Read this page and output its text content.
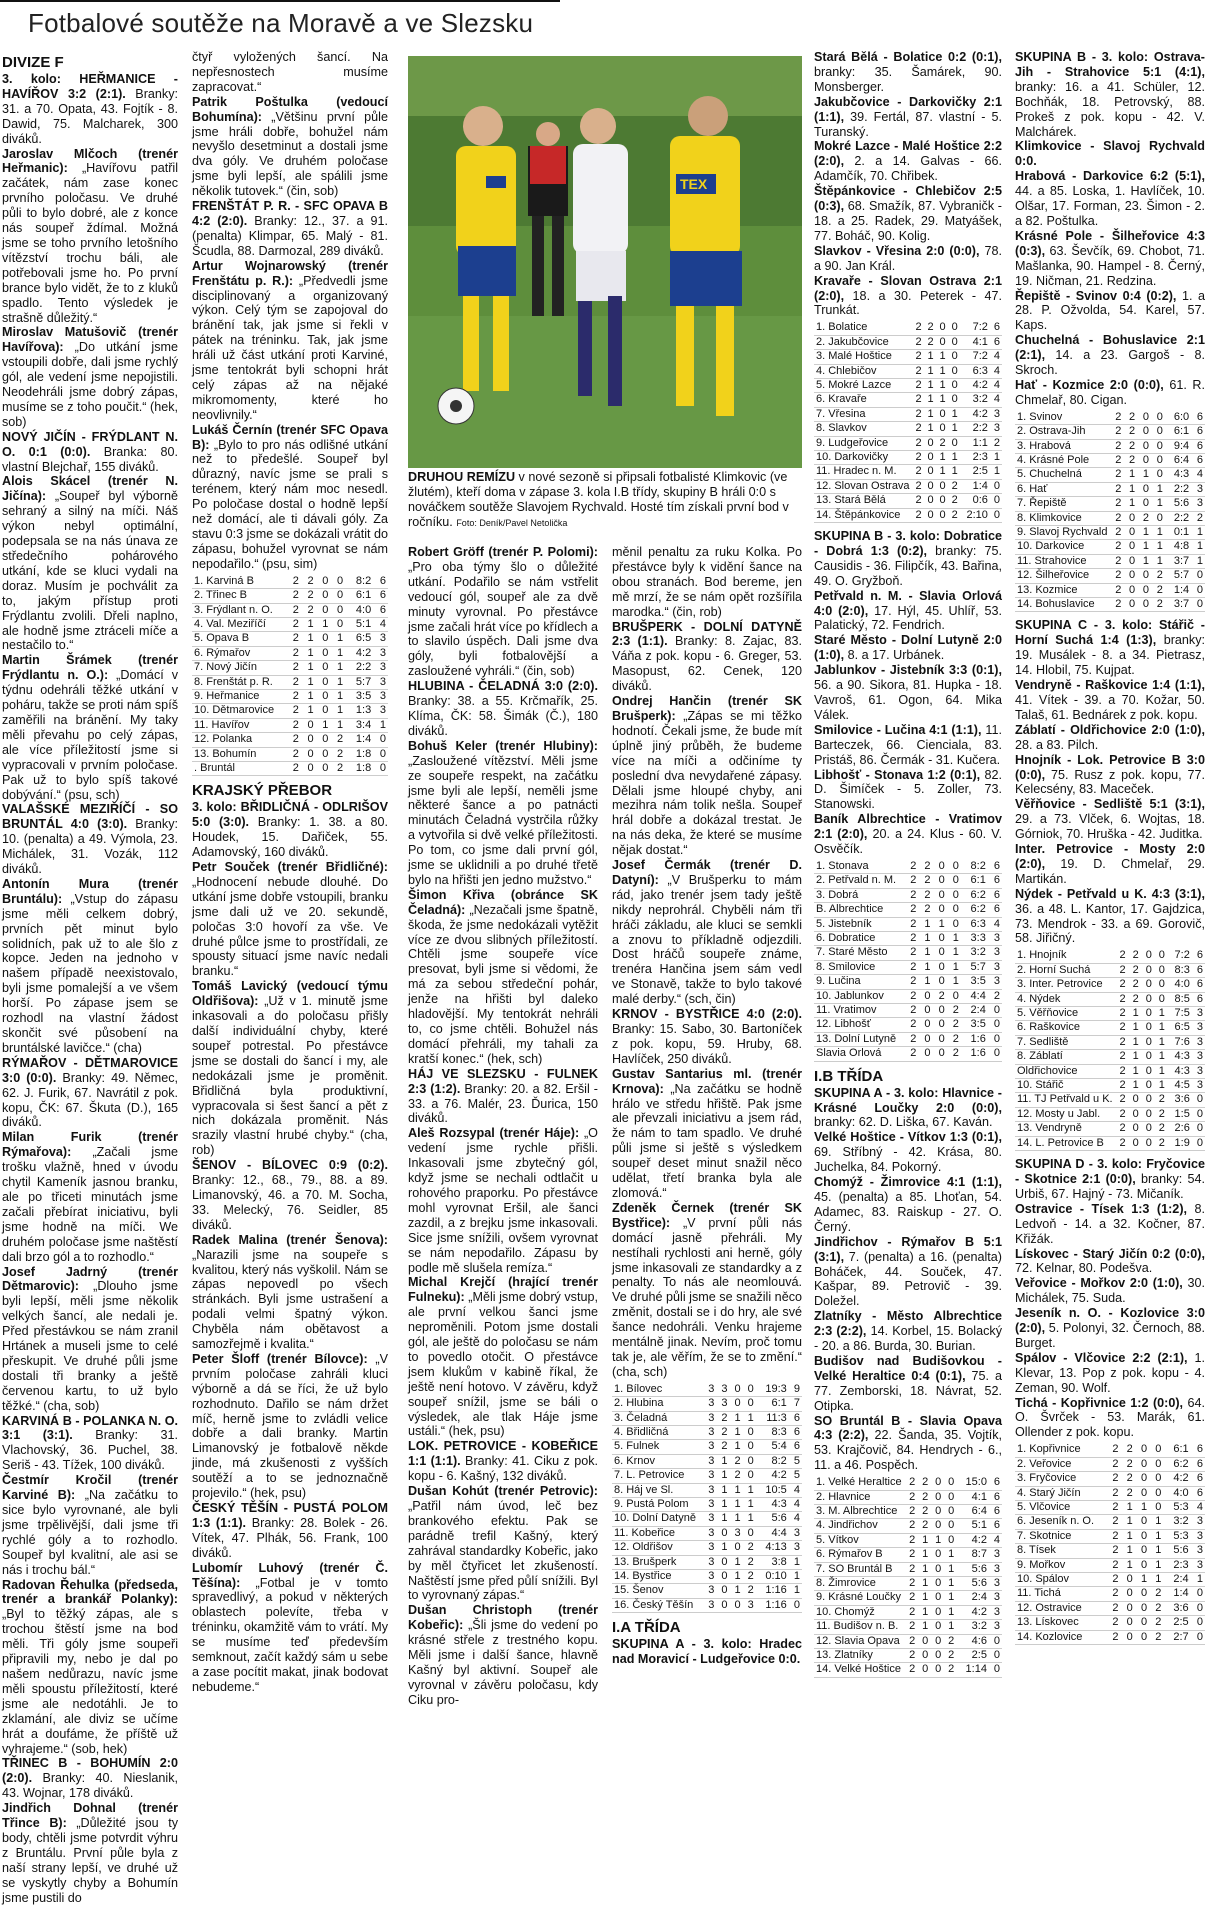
Fotbalové soutěže na Moravě a ve Slezsku
DIVIZE F

3. kolo: HEŘMANICE - HAVÍŘOV 3:2 (2:1). Branky: 31. a 70. Opata, 43. Fojtík - 8. Dawid, 75. Malcharek, 300 diváků.

Jaroslav Mlčoch (trenér Heřmanic): „Havířovu patřil začátek, nám zase konec prvního poločasu. Ve druhé půli to bylo dobré, ale z konce nás soupeř ždímal. Možná jsme se toho prvního letošního vítězství trochu báli, ale potřebovali jsme ho. Po první brance bylo vidět, že to z kluků spadlo. Tento výsledek je strašně důležitý.“

Miroslav Matušovič (trenér Havířova): „Do utkání jsme vstoupili dobře, dali jsme rychlý gól, ale vedení jsme nepojistili. Neodehráli jsme dobrý zápas, musíme se z toho poučit.“ (hek, sob)

NOVÝ JIČÍN - FRÝDLANT N. O. 0:1 (0:0). Branka: 80. vlastní Blejchař, 155 diváků.

Alois Skácel (trenér N. Jičína): „Soupeř byl výborně sehraný a silný na míči. Náš výkon nebyl optimální, podepsala se na nás únava ze středečního pohárového utkání, kde se kluci vydali na doraz. Musím je pochválit za to, jakým přístup proti Frýdlantu zvolili. Dřeli naplno, ale hodně jsme ztráceli míče a nestačilo to.“

Martin Šrámek (trenér Frýdlantu n. O.): „Domácí v týdnu odehráli těžké utkání v poháru, takže se proti nám spíš zaměřili na bránění. My taky měli převahu po celý zápas, ale více příležitostí jsme si vypracovali v prvním poločase. Pak už to bylo spíš takové dobývání.“ (psu, sch)

VALAŠSKÉ MEZIŘÍČÍ - SO BRUNTÁL 4:0 (3:0). Branky: 10. (penalta) a 49. Výmola, 23. Michálek, 31. Vozák, 112 diváků.

Antonín Mura (trenér Bruntálu): „Vstup do zápasu jsme měli celkem dobrý, prvních pět minut bylo solidních, pak už to ale šlo z kopce. Jeden na jednoho v našem případě neexistovalo, byli jsme pomalejší a ve všem horší. Po zápase jsem se rozhodl na vlastní žádost skončit své působení na bruntálské lavičce.“ (cha)

RÝMAŘOV - DĚTMAROVICE 3:0 (0:0). Branky: 49. Němec, 62. J. Furik, 67. Navrátil z pok. kopu, ČK: 67. Škuta (D.), 165 diváků.

Milan Furik (trenér Rýmařova): „Začali jsme trošku vlažně, hned v úvodu chytil Kameník jasnou branku, ale po třiceti minutách jsme začali přebírat iniciativu, byli jsme hodně na míči. We druhém poločase jsme naštěstí dali brzo gól a to rozhodlo.“

Josef Jadrný (trenér Dětmarovic): „Dlouho jsme byli lepší, měli jsme několik velkých šancí, ale nedali je. Před přestávkou se nám zranil Hrtánek a museli jsme to celé přeskupit. Ve druhé půli jsme dostali tři branky a ještě červenou kartu, to už bylo těžké.“ (cha, sob)

KARVINÁ B - POLANKA N. O. 3:1 (3:1). Branky: 31. Vlachovský, 36. Puchel, 38. Seriš - 43. Tížek, 100 diváků.

Čestmír Kročil (trenér Karviné B): „Na začátku to sice bylo vyrovnané, ale byli jsme trpělivější, dali jsme tři rychlé góly a to rozhodlo. Soupeř byl kvalitní, ale asi se nás i trochu bál.“

Radovan Řehulka (předseda, trenér a brankář Polanky): „Byl to těžký zápas, ale s trochou štěstí jsme na bod měli. Tři góly jsme soupeři připravili my, nebo je dal po našem nedůrazu, navíc jsme měli spoustu příležitostí, které jsme ale nedotáhli. Je to zklamání, ale diviz se učíme hrát a doufáme, že příště už vyhrajeme.“ (sob, hek)

TŘINEC B - BOHUMÍN 2:0 (2:0). Branky: 40. Nieslanik, 43. Wojnar, 178 diváků.

Jindřich Dohnal (trenér Třince B): „Důležité jsou ty body, chtěli jsme potvrdit výhru z Bruntálu. První půle byla z naší strany lepší, ve druhé už se vyskytly chyby a Bohumín jsme pustili do

čtyř vyložených šancí. Na nepřesnostech musíme zapracovat.“

Patrik Poštulka (vedoucí Bohumína): „Většinu první půle jsme hráli dobře, bohužel nám nevyšlo desetminut a dostali jsme dva góly. Ve druhém poločase jsme byli lepší, ale spálili jsme několik tutovek.“ (čin, sob)

FRENŠTÁT P. R. - SFC OPAVA B 4:2 (2:0). Branky: 12., 37. a 91. (penalta) Klimpar, 65. Malý - 81. Šcudla, 88. Darmozal, 289 diváků.

Artur Wojnarowský (trenér Frenštátu p. R.): „Předvedli jsme disciplinovaný a organizovaný výkon. Celý tým se zapojoval do bránění tak, jak jsme si řekli v pátek na tréninku. Tak, jak jsme hráli už část utkání proti Karviné, jsme tentokrát byli schopni hrát celý zápas až na nějaké mikromomenty, které ho neovlivnily.“

Lukáš Černín (trenér SFC Opava B): „Bylo to pro nás odlišné utkání než to předešlé. Soupeř byl důrazný, navíc jsme se prali s terénem, který nám moc nesedl. Po poločase dostal o hodně lepší než domácí, ale ti dávali góly. Za stavu 0:3 jsme se dokázali vrátit do zápasu, bohužel vyrovnat se nám nepodařilo.“ (psu, sim)

1. Karviná B	2	2	0	0	8:2	6
2. Třinec B	2	2	0	0	6:1	6
3. Frýdlant n. O.	2	2	0	0	4:0	6
4. Val. Meziříčí	2	1	1	0	5:1	4
5. Opava B	2	1	0	1	6:5	3
6. Rýmařov	2	1	0	1	4:2	3
7. Nový Jičín	2	1	0	1	2:2	3
8. Frenštát p. R.	2	1	0	1	5:7	3
9. Heřmanice	2	1	0	1	3:5	3
10. Dětmarovice	2	1	0	1	1:3	3
11. Havířov	2	0	1	1	3:4	1
12. Polanka	2	0	0	2	1:4	0
13. Bohumín	2	0	0	2	1:8	0
. Bruntál	2	0	0	2	1:8	0
KRAJSKÝ PŘEBOR

3. kolo: BŘIDLIČNÁ - ODLRIŠOV 5:0 (3:0). Branky: 1. 38. a 80. Houdek, 15. Dařiček, 55. Adamovský, 160 diváků.

Petr Souček (trenér Břidličné): „Hodnocení nebude dlouhé. Do utkání jsme dobře vstoupili, branku jsme dali už ve 20. sekundě, poločas 3:0 hovoří za vše. Ve druhé půlce jsme to prostřídali, ze spousty situací jsme navíc nedali branku.“

Tomáš Lavický (vedoucí týmu Oldřišova): „Už v 1. minutě jsme inkasovali a do poločasu přišly další individuální chyby, které soupeř potrestal. Po přestávce jsme se dostali do šancí i my, ale nedokázali jsme je proměnit. Břidličná byla produktivní, vypracovala si šest šancí a pět z nich dokázala proměnit. Nás srazily vlastní hrubé chyby.“ (cha, rob)

ŠENOV - BÍLOVEC 0:9 (0:2). Branky: 12., 68., 79., 88. a 89. Limanovský, 46. a 70. M. Socha, 33. Melecký, 76. Seidler, 85 diváků.

Radek Malina (trenér Šenova): „Narazili jsme na soupeře s kvalitou, který nás vyškolil. Nám se zápas nepovedl po všech stránkách. Byli jsme ustrašení a podali velmi špatný výkon. Chyběla nám obětavost a samozřejmě i kvalita.“

Peter Šloff (trenér Bílovce): „V prvním poločase zahráli kluci výborně a dá se říci, že už bylo rozhodnuto. Dařilo se nám držet míč, herně jsme to zvládli velice dobře a dali branky. Martin Limanovský je fotbalově někde jinde, má zkušenosti z vyšších soutěží a to se jednoznačně projevilo.“ (hek, psu)

ČESKÝ TĚŠÍN - PUSTÁ POLOM 1:3 (1:1). Branky: 28. Bolek - 26. Vítek, 47. Plhák, 56. Frank, 100 diváků.

Lubomír Luhový (trenér Č. Těšína): „Fotbal je v tomto spravedlivý, a pokud v některých oblastech polevíte, třeba v tréninku, okamžitě vám to vrátí. My se musíme teď především semknout, začít každý sám u sebe a zase pocítit makat, jinak bodovat nebudeme.“

TEX
DRUHOU REMÍZU v nové sezoně si připsali fotbalisté Klimkovic (ve žlutém), kteří doma v zápase 3. kola I.B třídy, skupiny B hráli 0:0 s nováčkem soutěže Slavojem Rychvald. Hosté tím získali první bod v ročníku. Foto: Deník/Pavel Netolička

Robert Gröff (trenér P. Polomi): „Pro oba týmy šlo o důležité utkání. Podařilo se nám vstřelit vedoucí gól, soupeř ale za dvě minuty vyrovnal. Po přestávce jsme začali hrát více po křídlech a to slavilo úspěch. Dali jsme dva góly, byli fotbalovější a zasloužené vyhráli.“ (čin, sob)

HLUBINA - ČELADNÁ 3:0 (2:0). Branky: 38. a 55. Krčmařík, 25. Klíma, ČK: 58. Šimák (Č.), 180 diváků.

Bohuš Keler (trenér Hlubiny): „Zasloužené vítězství. Měli jsme ze soupeře respekt, na začátku jsme byli ale lepší, neměli jsme některé šance a po patnácti minutách Čeladná vystrčila růžky a vytvořila si dvě velké příležitosti. Po tom, co jsme dali první gól, jsme se uklidnili a po druhé třetě bylo na hřišti jen jedno mužstvo.“

Šimon Křiva (obránce SK Čeladná): „Nezačali jsme špatně, škoda, že jsme nedokázali vytěžit více ze dvou slibných příležitostí. Chtěli jsme soupeře více presovat, byli jsme si vědomi, že má za sebou středeční pohár, jenže na hřišti byl daleko hladovější. My tentokrát nehráli to, co jsme chtěli. Bohužel nás domácí přehráli, my tahali za kratší konec.“ (hek, sch)

HÁJ VE SLEZSKU - FULNEK 2:3 (1:2). Branky: 20. a 82. Eršil - 33. a 76. Malér, 23. Ďurica, 150 diváků.

Aleš Rozsypal (trenér Háje): „O vedení jsme rychle přišli. Inkasovali jsme zbytečný gól, když jsme se nechali odtlačit u rohového praporku. Po přestávce mohl vyrovnat Eršil, ale šanci zazdil, a z brejku jsme inkasovali. Sice jsme snížili, ovšem vyrovnat se nám nepodařilo. Zápasu by podle mě slušela remíza.“

Michal Krejčí (hrající trenér Fulneku): „Měli jsme dobrý vstup, ale první velkou šanci jsme neproměnili. Potom jsme dostali gól, ale ještě do poločasu se nám to povedlo otočit. O přestávce jsem klukům v kabině říkal, že ještě není hotovo. V závěru, když soupeř snížil, jsme se báli o výsledek, ale tlak Háje jsme ustáli.“ (hek, psu)

LOK. PETROVICE - KOBEŘICE 1:1 (1:1). Branky: 41. Ciku z pok. kopu - 6. Kašný, 132 diváků.

Dušan Kohút (trenér Petrovic): „Patřil nám úvod, leč bez brankového efektu. Pak se parádně trefil Kašný, který zahrával standardky Kobeřic, jako by měl čtyřicet let zkušeností. Naštěstí jsme před půlí snížili. Byl to vyrovnaný zápas.“

Dušan Christoph (trenér Kobeřic): „Šli jsme do vedení po krásné střele z trestného kopu. Měli jsme i další šance, hlavně Kašný byl aktivní. Soupeř ale vyrovnal v závěru poločasu, kdy Ciku pro-

měnil penaltu za ruku Kolka. Po přestávce byly k vidění šance na obou stranách. Bod bereme, jen mě mrzí, že se nám opět rozšířila marodka.“ (čin, rob)

BRUŠPERK - DOLNÍ DATYNĚ 2:3 (1:1). Branky: 8. Zajac, 83. Váňa z pok. kopu - 6. Greger, 53. Masopust, 62. Cenek, 120 diváků.

Ondrej Hančin (trenér SK Brušperk): „Zápas se mi těžko hodnotí. Čekali jsme, že bude mít úplně jiný průběh, že budeme více na míči a odčiníme ty poslední dva nevydařené zápasy. Dělali jsme hloupé chyby, ani mezihra nám tolik nešla. Soupeř hrál dobře a dokázal trestat. Je na nás deka, že které se musíme nějak dostat.“

Josef Čermák (trenér D. Datyní): „V Brušperku to mám rád, jako trenér jsem tady ještě nikdy neprohrál. Chyběli nám tři hráči základu, ale kluci se semkli a znovu to příkladně odjezdili. Dost hráčů soupeře známe, trenéra Hančina jsem sám vedl ve Stonavě, takže to bylo takové malé derby.“ (sch, čin)

KRNOV - BYSTŘICE 4:0 (2:0). Branky: 15. Sabo, 30. Bartoníček z pok. kopu, 59. Hruby, 68. Havlíček, 250 diváků.

Gustav Santarius ml. (trenér Krnova): „Na začátku se hodně hrálo ve středu hřiště. Pak jsme ale převzali iniciativu a jsem rád, že nám to tam spadlo. Ve druhé půli jsme si ještě s výsledkem soupeř deset minut snažil něco udělat, třetí branka byla ale zlomová.“

Zdeněk Černek (trenér SK Bystřice): „V první půli nás domácí jasně přehráli. My nestíhali rychlosti ani herně, góly jsme inkasovali ze standardky a z penalty. To nás ale neomlouvá. Ve druhé půli jsme se snažili něco změnit, dostali se i do hry, ale své šance nedohráli. Venku hrajeme mentálně jinak. Nevím, proč tomu tak je, ale věřím, že se to změní.“ (cha, sch)

1. Bílovec	3	3	0	0	19:3	9
2. Hlubina	3	3	0	0	6:1	7
3. Čeladná	3	2	1	1	11:3	6
4. Břidličná	3	2	1	0	8:3	6
5. Fulnek	3	2	1	0	5:4	6
6. Krnov	3	1	2	0	8:2	5
7. L. Petrovice	3	1	2	0	4:2	5
8. Háj ve Sl.	3	1	1	1	10:5	4
9. Pustá Polom	3	1	1	1	4:3	4
10. Dolní Datyně	3	1	1	1	5:6	4
11. Kobeřice	3	0	3	0	4:4	3
12. Oldřišov	3	1	0	2	4:13	3
13. Brušperk	3	0	1	2	3:8	1
14. Bystřice	3	0	1	2	0:10	1
15. Šenov	3	0	1	2	1:16	1
16. Český Těšín	3	0	0	3	1:16	0
I.A TŘÍDA

SKUPINA A - 3. kolo: Hradec nad Moravicí - Ludgeřovice 0:0.

Stará Bělá - Bolatice 0:2 (0:1), branky: 35. Šamárek, 90. Monsberger.

Jakubčovice - Darkovičky 2:1 (1:1), 39. Fertál, 87. vlastní - 5. Turanský.

Mokré Lazce - Malé Hoštice 2:2 (2:0), 2. a 14. Galvas - 66. Adamčík, 70. Chřibek.

Štěpánkovice - Chlebičov 2:5 (0:3), 68. Smažík, 87. Vybraničk - 18. a 25. Radek, 29. Matyášek, 77. Boháč, 90. Kolig.

Slavkov - Vřesina 2:0 (0:0), 78. a 90. Jan Král.

Kravaře - Slovan Ostrava 2:1 (2:0), 18. a 30. Peterek - 47. Trunkát.

1. Bolatice	2	2	0	0	7:2	6
2. Jakubčovice	2	2	0	0	4:1	6
3. Malé Hoštice	2	1	1	0	7:2	4
4. Chlebičov	2	1	1	0	6:3	4
5. Mokré Lazce	2	1	1	0	4:2	4
6. Kravaře	2	1	1	0	3:2	4
7. Vřesina	2	1	0	1	4:2	3
8. Slavkov	2	1	0	1	2:2	3
9. Ludgeřovice	2	0	2	0	1:1	2
10. Darkovičky	2	0	1	1	2:3	1
11. Hradec n. M.	2	0	1	1	2:5	1
12. Slovan Ostrava	2	0	0	2	1:4	0
13. Stará Bělá	2	0	0	2	0:6	0
14. Štěpánkovice	2	0	0	2	2:10	0

SKUPINA B - 3. kolo: Dobratice - Dobrá 1:3 (0:2), branky: 75. Causidis - 36. Filipčík, 43. Bařina, 49. O. Gryžboň.

Petřvald n. M. - Slavia Orlová 4:0 (2:0), 17. Hýl, 45. Uhlíř, 53. Palatický, 72. Fendrich.

Staré Město - Dolní Lutyně 2:0 (1:0), 8. a 17. Urbánek.

Jablunkov - Jistebník 3:3 (0:1), 56. a 90. Sikora, 81. Hupka - 18. Vavroš, 61. Ogon, 64. Mika Válek.

Smilovice - Lučina 4:1 (1:1), 11. Barteczek, 66. Cienciala, 83. Pristáš, 86. Čermák - 31. Kučera.

Libhošť - Stonava 1:2 (0:1), 82. D. Šimíček - 5. Zoller, 73. Stanowski.

Baník Albrechtice - Vratimov 2:1 (2:0), 20. a 24. Klus - 60. V. Osvěčík.

1. Stonava	2	2	0	0	8:2	6
2. Petřvald n. M.	2	2	0	0	6:1	6
3. Dobrá	2	2	0	0	6:2	6
B. Albrechtice	2	2	0	0	6:2	6
5. Jistebník	2	1	1	0	6:3	4
6. Dobratice	2	1	0	1	3:3	3
7. Staré Město	2	1	0	1	3:2	3
8. Smilovice	2	1	0	1	5:7	3
9. Lučina	2	1	0	1	3:5	3
10. Jablunkov	2	0	2	0	4:4	2
11. Vratimov	2	0	0	2	2:4	0
12. Libhošť	2	0	0	2	3:5	0
13. Dolní Lutyně	2	0	0	2	1:6	0
Slavia Orlová	2	0	0	2	1:6	0
I.B TŘÍDA

SKUPINA A - 3. kolo: Hlavnice - Krásné Loučky 2:0 (0:0), branky: 62. D. Liška, 67. Kaván.

Velké Hoštice - Vítkov 1:3 (0:1), 69. Stříbný - 42. Krása, 80. Juchelka, 84. Pokorný.

Chomýž - Žimrovice 4:1 (1:1), 45. (penalta) a 85. Lhoťan, 54. Adamec, 83. Raiskup - 27. O. Černý.

Jindřichov - Rýmařov B 5:1 (3:1), 7. (penalta) a 16. (penalta) Boháček, 44. Souček, 47. Kašpar, 89. Petrovič - 39. Doležel.

Zlatníky - Město Albrechtice 2:3 (2:2), 14. Korbel, 15. Bolacký - 20. a 86. Burda, 30. Burian.

Budišov nad Budišovkou - Velké Heraltice 0:4 (0:1), 75. a 77. Zemborski, 18. Návrat, 52. Otipka.

SO Bruntál B - Slavia Opava 4:3 (2:2), 22. Šanda, 35. Vojtík, 53. Krajčovič, 84. Hendrych - 6., 11. a 46. Pospěch.

1. Velké Heraltice	2	2	0	0	15:0	6
2. Hlavnice	2	2	0	0	4:1	6
3. M. Albrechtice	2	2	0	0	6:4	6
4. Jindřichov	2	2	0	0	5:1	6
5. Vítkov	2	1	1	0	4:2	4
6. Rýmařov B	2	1	0	1	8:7	3
7. SO Bruntál B	2	1	0	1	5:6	3
8. Žimrovice	2	1	0	1	5:6	3
9. Krásné Loučky	2	1	0	1	2:4	3
10. Chomýž	2	1	0	1	4:2	3
11. Budišov n. B.	2	1	0	1	3:2	3
12. Slavia Opava	2	0	0	2	4:6	0
13. Zlatníky	2	0	0	2	2:5	0
14. Velké Hoštice	2	0	0	2	1:14	0

SKUPINA B - 3. kolo: Ostrava-Jih - Strahovice 5:1 (4:1), branky: 16. a 41. Schüler, 12. Bochňák, 18. Petrovský, 88. Prokeš z pok. kopu - 42. V. Malchárek.

Klimkovice - Slavoj Rychvald 0:0.

Hrabová - Darkovice 6:2 (5:1), 44. a 85. Loska, 1. Havlíček, 10. Olšar, 17. Forman, 23. Šimon - 2. a 82. Poštulka.

Krásné Pole - Šilheřovice 4:3 (0:3), 63. Ševčík, 69. Chobot, 71. Mašlanka, 90. Hampel - 8. Černý, 19. Ničman, 21. Redzina.

Řepiště - Svinov 0:4 (0:2), 1. a 28. P. Ožvolda, 54. Karel, 57. Kaps.

Chuchelná - Bohuslavice 2:1 (2:1), 14. a 23. Gargoš - 8. Skroch.

Hať - Kozmice 2:0 (0:0), 61. R. Chmelař, 80. Cigan.

1. Svinov	2	2	0	0	6:0	6
2. Ostrava-Jih	2	2	0	0	6:1	6
3. Hrabová	2	2	0	0	9:4	6
4. Krásné Pole	2	2	0	0	6:4	6
5. Chuchelná	2	1	1	0	4:3	4
6. Hať	2	1	0	1	2:2	3
7. Řepiště	2	1	0	1	5:6	3
8. Klimkovice	2	0	2	0	2:2	2
9. Slavoj Rychvald	2	0	1	1	0:1	1
10. Darkovice	2	0	1	1	4:8	1
11. Strahovice	2	0	1	1	3:7	1
12. Šilheřovice	2	0	0	2	5:7	0
13. Kozmice	2	0	0	2	1:4	0
14. Bohuslavice	2	0	0	2	3:7	0

SKUPINA C - 3. kolo: Stářič - Horní Suchá 1:4 (1:3), branky: 19. Musálek - 8. a 34. Pietrasz, 14. Hlobil, 75. Kujpat.

Vendryně - Raškovice 1:4 (1:1), 41. Vítek - 39. a 70. Kožar, 50. Talaš, 61. Bednárek z pok. kopu.

Záblatí - Oldřichovice 2:0 (1:0), 28. a 83. Pilch.

Hnojník - Lok. Petrovice B 3:0 (0:0), 75. Rusz z pok. kopu, 77. Kelecsény, 83. Maceček.

Věřňovice - Sedliště 5:1 (3:1), 29. a 73. Vlček, 6. Wojtas, 18. Górniok, 70. Hruška - 42. Juditka.

Inter. Petrovice - Mosty 2:0 (2:0), 19. D. Chmelař, 29. Martikán.

Nýdek - Petřvald u K. 4:3 (3:1), 36. a 48. L. Kantor, 17. Gajdzica, 73. Mendrok - 33. a 69. Gorovič, 58. Jiřičný.

1. Hnojník	2	2	0	0	7:2	6
2. Horní Suchá	2	2	0	0	8:3	6
3. Inter. Petrovice	2	2	0	0	4:0	6
4. Nýdek	2	2	0	0	8:5	6
5. Věřňovice	2	1	0	1	7:5	3
6. Raškovice	2	1	0	1	6:5	3
7. Sedliště	2	1	0	1	7:6	3
8. Záblatí	2	1	0	1	4:3	3
Oldřichovice	2	1	0	1	4:3	3
10. Stářič	2	1	0	1	4:5	3
11. TJ Petřvald u K.	2	0	0	2	3:6	0
12. Mosty u Jabl.	2	0	0	2	1:5	0
13. Vendryně	2	0	0	2	2:6	0
14. L. Petrovice B	2	0	0	2	1:9	0

SKUPINA D - 3. kolo: Fryčovice - Skotnice 2:1 (0:0), branky: 54. Urbiš, 67. Hajný - 73. Mičaník.

Ostravice - Tísek 1:3 (1:2), 8. Ledvoň - 14. a 32. Kočner, 87. Křižák.

Lískovec - Starý Jičín 0:2 (0:0), 72. Kelnar, 80. Podešva.

Veřovice - Mořkov 2:0 (1:0), 30. Michálek, 75. Suda.

Jeseník n. O. - Kozlovice 3:0 (2:0), 5. Polonyi, 32. Černoch, 88. Burget.

Spálov - Vlčovice 2:2 (2:1), 1. Klevar, 13. Pop z pok. kopu - 4. Zeman, 90. Wolf.

Tichá - Kopřivnice 1:2 (0:0), 64. O. Švrček - 53. Marák, 61. Ollender z pok. kopu.

1. Kopřivnice	2	2	0	0	6:1	6
2. Veřovice	2	2	0	0	6:2	6
3. Fryčovice	2	2	0	0	4:2	6
4. Starý Jičín	2	2	0	0	4:0	6
5. Vlčovice	2	1	1	0	5:3	4
6. Jeseník n. O.	2	1	0	1	3:2	3
7. Skotnice	2	1	0	1	5:3	3
8. Tísek	2	1	0	1	5:6	3
9. Mořkov	2	1	0	1	2:3	3
10. Spálov	2	0	1	1	2:4	1
11. Tichá	2	0	0	2	1:4	0
12. Ostravice	2	0	0	2	3:6	0
13. Lískovec	2	0	0	2	2:5	0
14. Kozlovice	2	0	0	2	2:7	0
